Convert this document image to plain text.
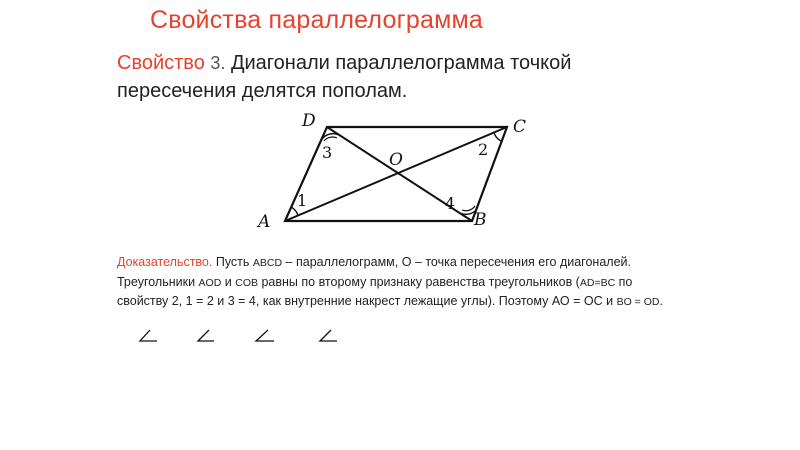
Свойства параллелограмма
Свойство 3. Диагонали параллелограмма точкой пересечения делятся пополам.
A	B
C
D
O
1
2
3
4
Доказательство. Пусть ABCD – параллелограмм, O – точка пересечения его диагоналей. Треугольники AOD и COB равны по второму признаку равенства треугольников (AD=BC по свойству 2, 1 = 2 и 3 = 4, как внутренние накрест лежащие углы). Поэтому АО = ОС и BO = OD.
